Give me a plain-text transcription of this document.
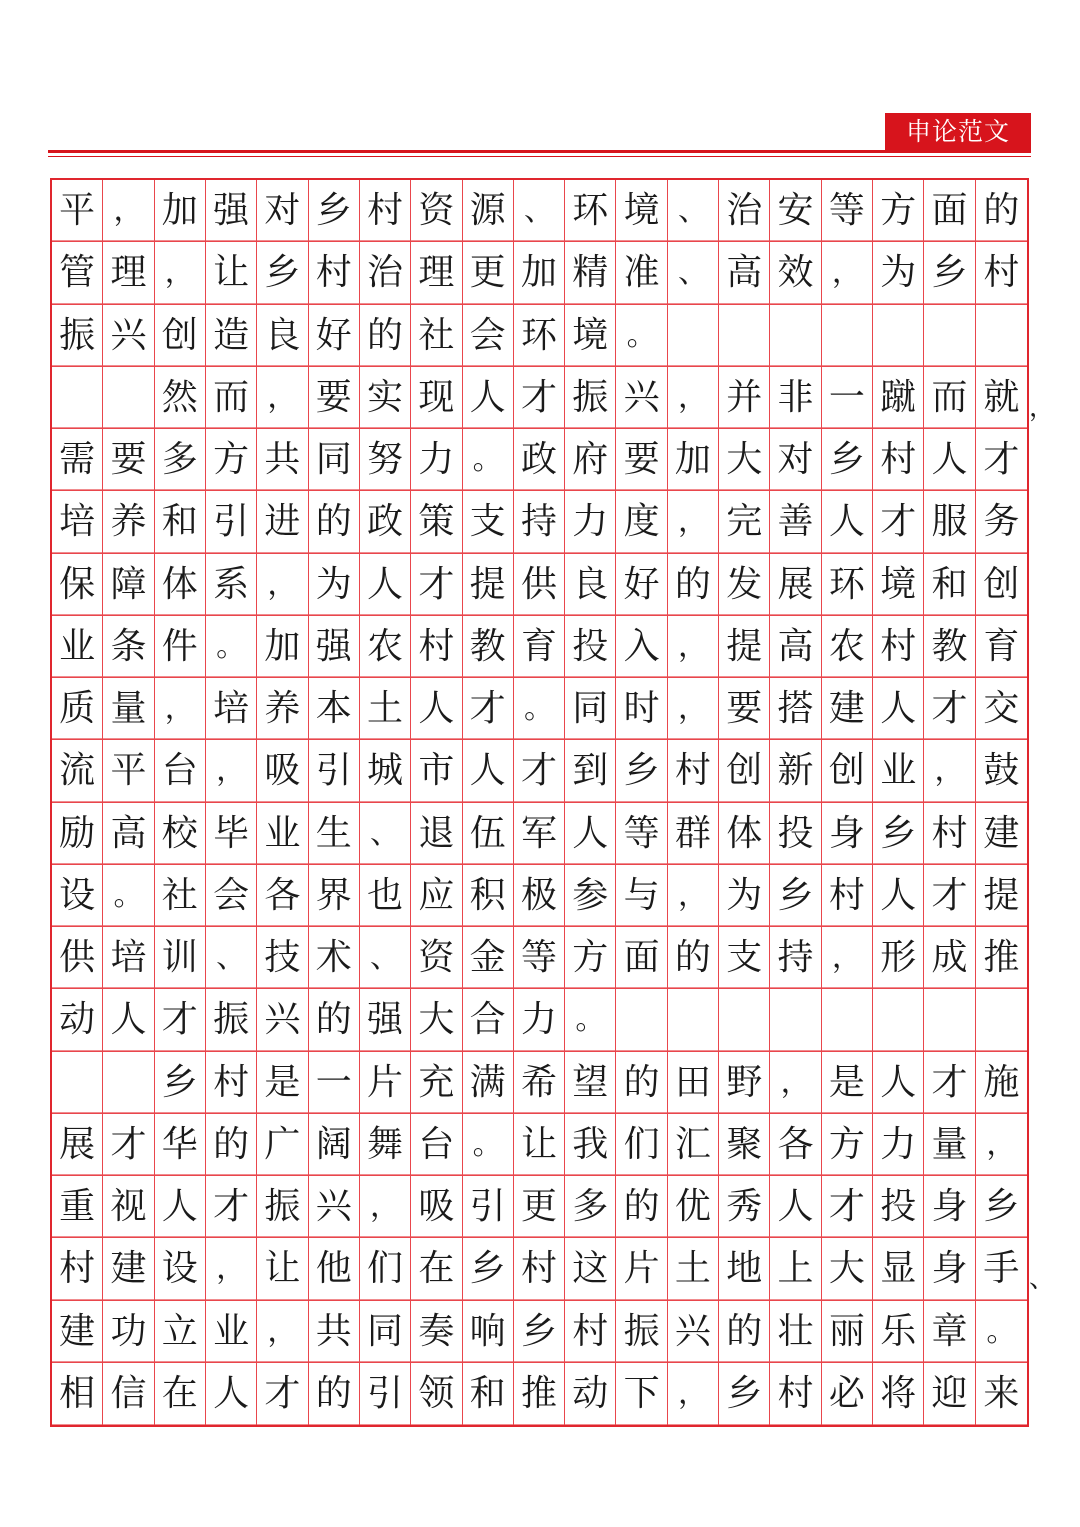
申论范文
平 ， 加 强 对 乡 村 资 源 、 环 境 、 治 安 等 方 面 的
管 理 ， 让 乡 村 治 理 更 加 精 准 、 高 效 ， 为 乡 村
振 兴 创 造 良 好 的 社 会 环 境 。
然 而 ， 要 实 现 人 才 振 兴 ， 并 非 一 蹴 而 就
需 要 多 方 共 同 努 力 。 政 府 要 加 大 对 乡 村 人 才
培 养 和 引 进 的 政 策 支 持 力 度 ， 完 善 人 才 服 务
保 障 体 系 ， 为 人 才 提 供 良 好 的 发 展 环 境 和 创
业 条 件 。 加 强 农 村 教 育 投 入 ， 提 高 农 村 教 育
质 量 ， 培 养 本 土 人 才 。 同 时 ， 要 搭 建 人 才 交
流 平 台 ， 吸 引 城 市 人 才 到 乡 村 创 新 创 业 ， 鼓
励 高 校 毕 业 生 、 退 伍 军 人 等 群 体 投 身 乡 村 建
设 。 社 会 各 界 也 应 积 极 参 与 ， 为 乡 村 人 才 提
供 培 训 、 技 术 、 资 金 等 方 面 的 支 持 ， 形 成 推
动 人 才 振 兴 的 强 大 合 力 。
乡 村 是 一 片 充 满 希 望 的 田 野 ， 是 人 才 施
展 才 华 的 广 阔 舞 台 。 让 我 们 汇 聚 各 方 力 量 ，
重 视 人 才 振 兴 ， 吸 引 更 多 的 优 秀 人 才 投 身 乡
村 建 设 ， 让 他 们 在 乡 村 这 片 土 地 上 大 显 身 手
建 功 立 业 ， 共 同 奏 响 乡 村 振 兴 的 壮 丽 乐 章 。
相 信 在 人 才 的 引 领 和 推 动 下 ， 乡 村 必 将 迎 来
，
、
